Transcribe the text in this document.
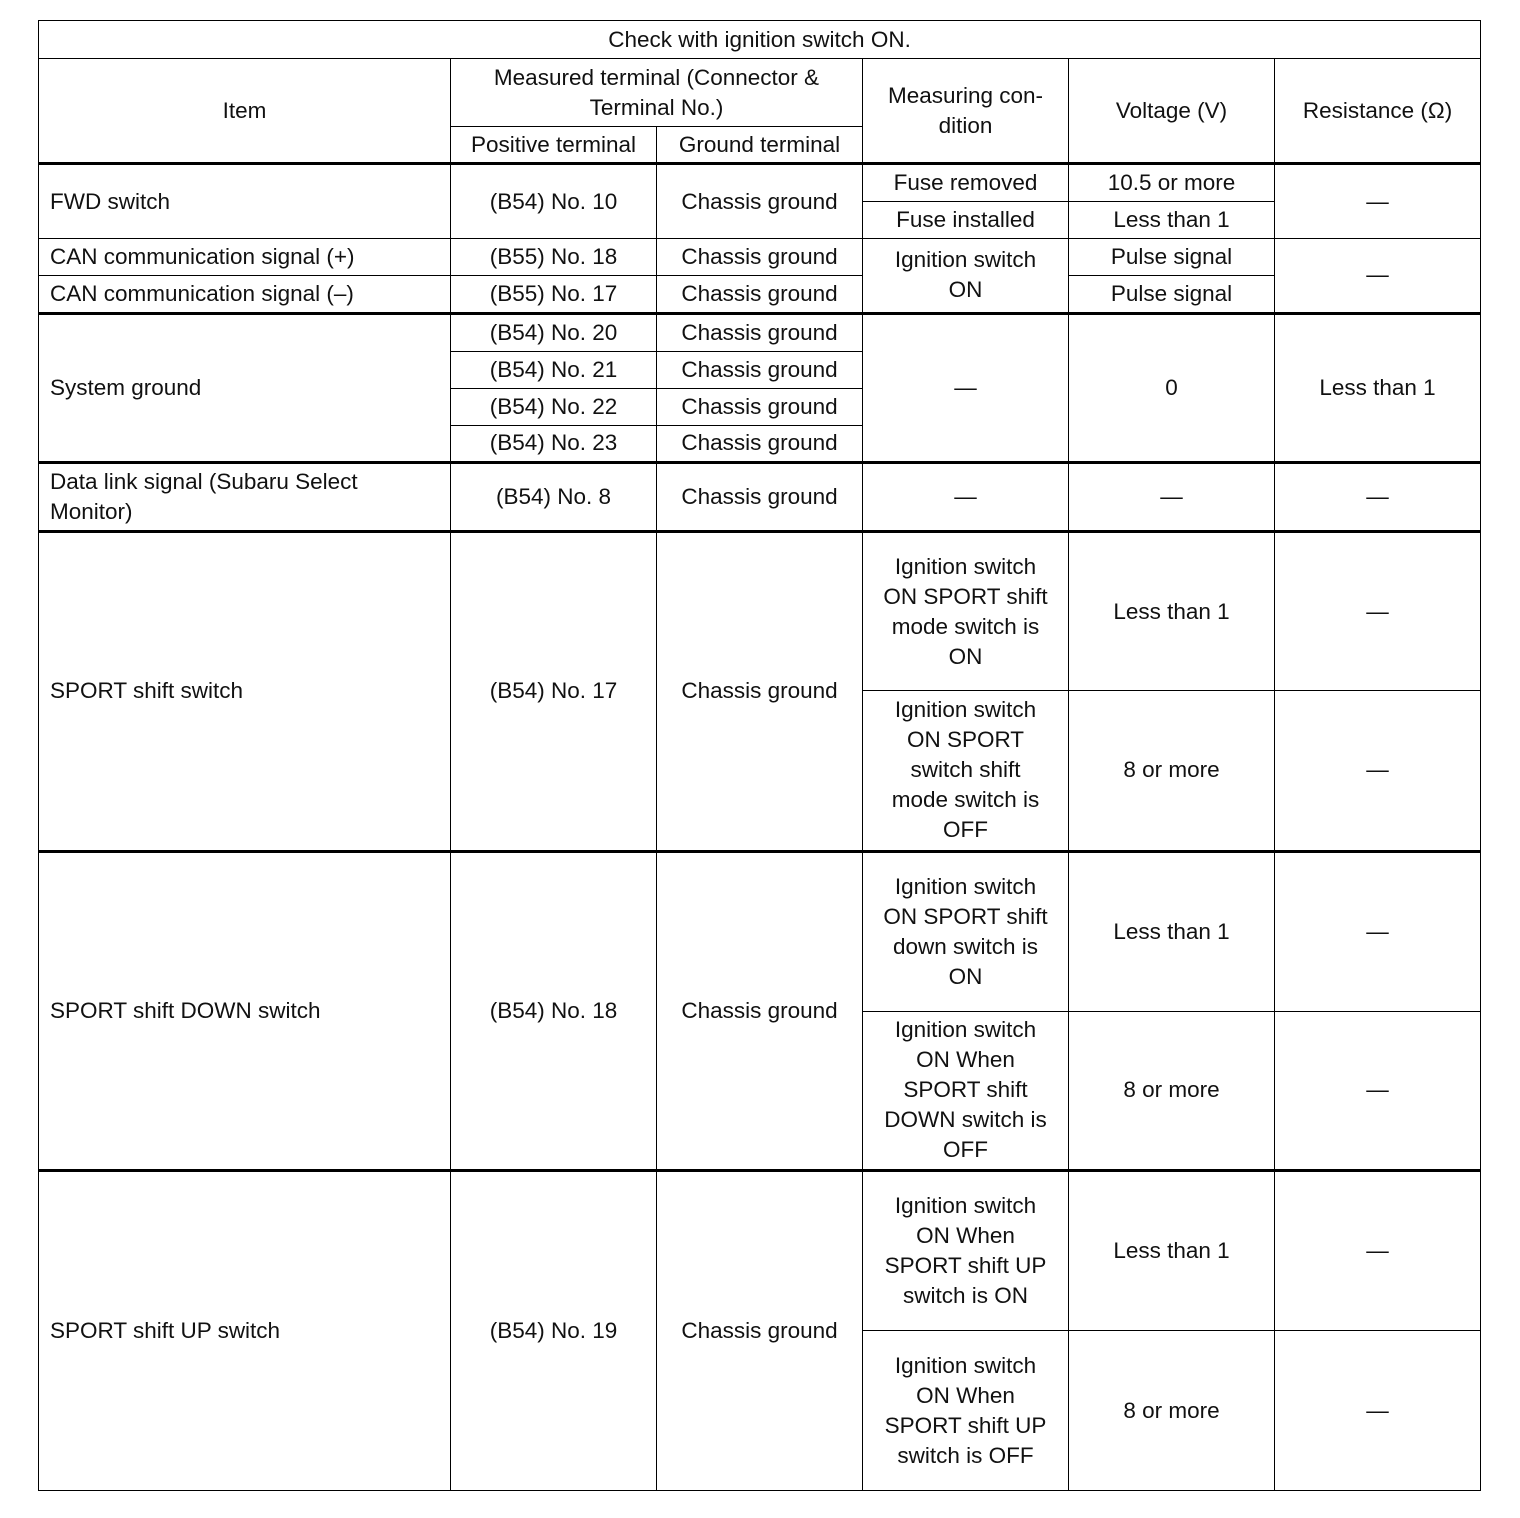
Check with ignition switch ON.					
Item	Measured terminal (Connector & Terminal No.)		Measuring con-dition	Voltage (V)	Resistance (Ω)
	Positive terminal	Ground terminal			
FWD switch	(B54) No. 10	Chassis ground	Fuse removed	10.5 or more	—
			Fuse installed	Less than 1	
CAN communication signal (+)	(B55) No. 18	Chassis ground	Ignition switch ON	Pulse signal	—
CAN communication signal (–)	(B55) No. 17	Chassis ground		Pulse signal	
System ground	(B54) No. 20	Chassis ground	—	0	Less than 1
	(B54) No. 21	Chassis ground			
	(B54) No. 22	Chassis ground			
	(B54) No. 23	Chassis ground			
Data link signal (Subaru Select Monitor)	(B54) No. 8	Chassis ground	—	—	—
SPORT shift switch	(B54) No. 17	Chassis ground	Ignition switch ON SPORT shift mode switch is ON	Less than 1	—
			Ignition switch ON SPORT switch shift mode switch is OFF	8 or more	—
SPORT shift DOWN switch	(B54) No. 18	Chassis ground	Ignition switch ON SPORT shift down switch is ON	Less than 1	—
			Ignition switch ON When SPORT shift DOWN switch is OFF	8 or more	—
SPORT shift UP switch	(B54) No. 19	Chassis ground	Ignition switch ON When SPORT shift UP switch is ON	Less than 1	—
			Ignition switch ON When SPORT shift UP switch is OFF	8 or more	—
